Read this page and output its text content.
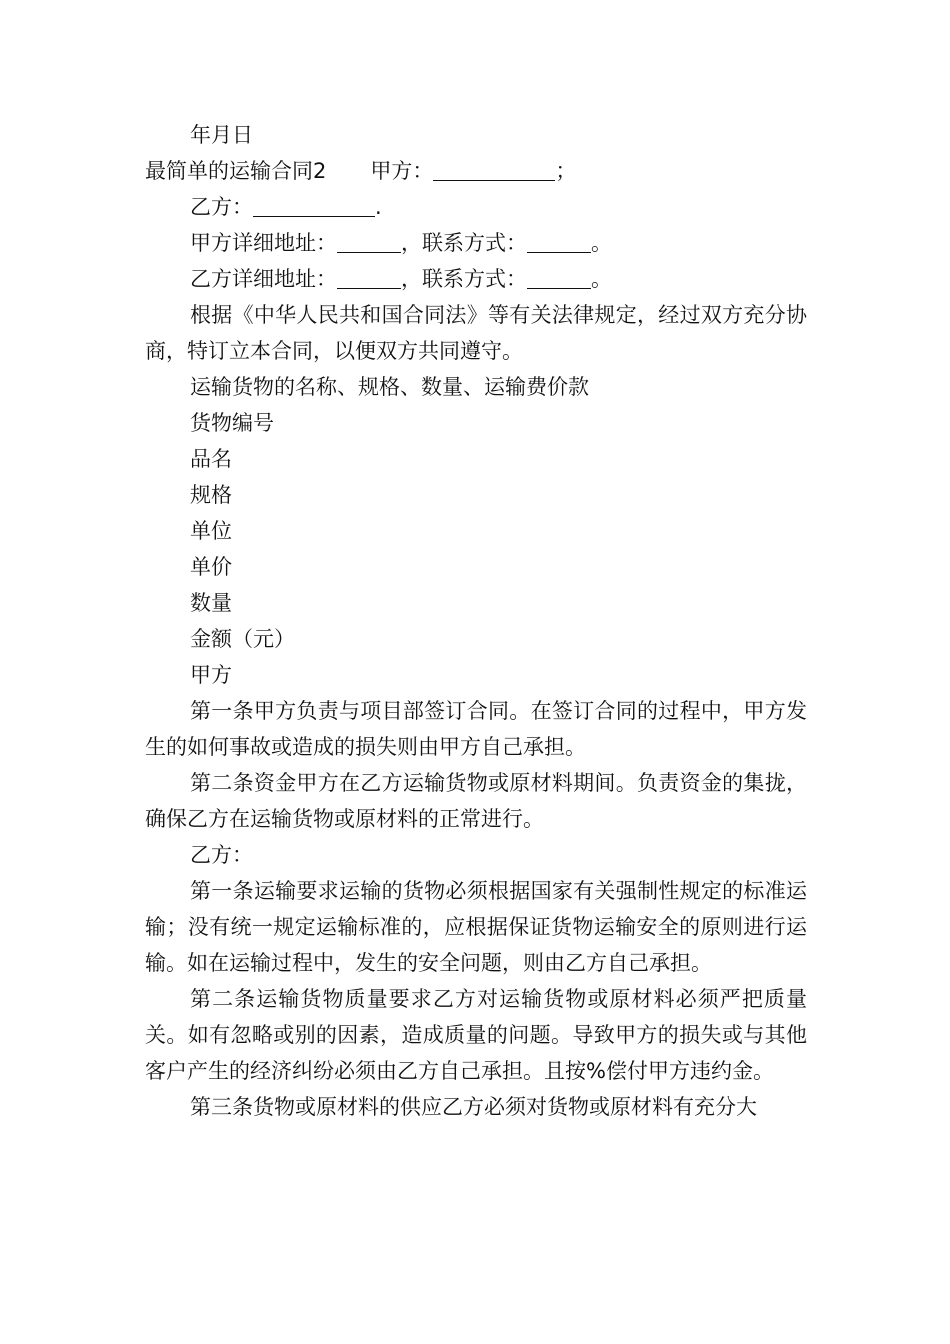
年月日

最简单的运输合同2 甲方：	；

乙方：	.

甲方详细地址：	，联系方式：	。

乙方详细地址：	，联系方式：	。

根据《中华人民共和国合同法》等有关法律规定，经过双方充分协商，特订立本合同，以便双方共同遵守。

运输货物的名称、规格、数量、运输费价款

货物编号

品名

规格

单位

单价

数量

金额（元）

甲方

第一条甲方负责与项目部签订合同。在签订合同的过程中，甲方发生的如何事故或造成的损失则由甲方自己承担。

第二条资金甲方在乙方运输货物或原材料期间。负责资金的集拢，确保乙方在运输货物或原材料的正常进行。

乙方：

第一条运输要求运输的货物必须根据国家有关强制性规定的标准运输；没有统一规定运输标准的，应根据保证货物运输安全的原则进行运输。如在运输过程中，发生的安全问题，则由乙方自己承担。

第二条运输货物质量要求乙方对运输货物或原材料必须严把质量关。如有忽略或别的因素，造成质量的问题。导致甲方的损失或与其他客户产生的经济纠纷必须由乙方自己承担。且按%偿付甲方违约金。

第三条货物或原材料的供应乙方必须对货物或原材料有充分大
